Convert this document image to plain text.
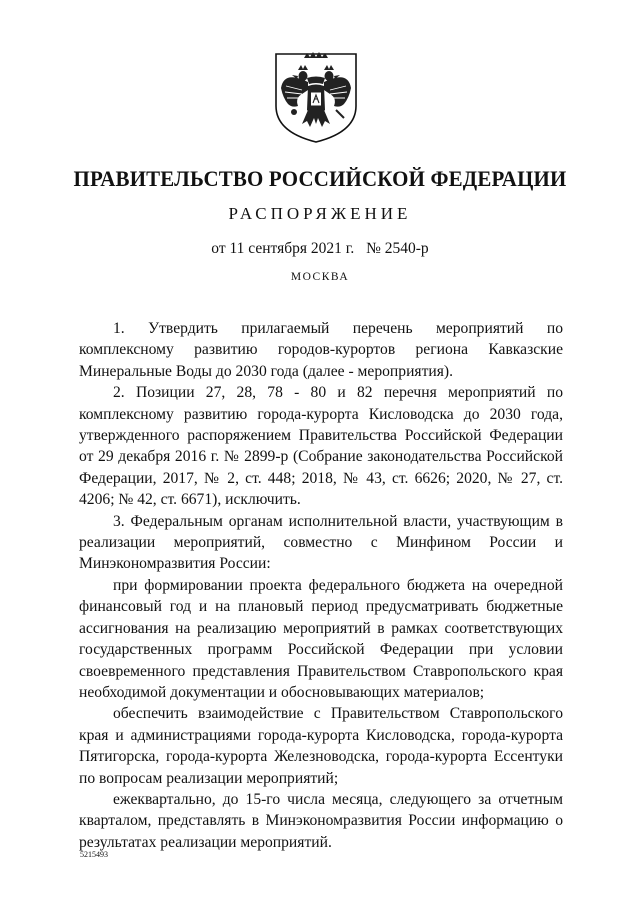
ПРАВИТЕЛЬСТВО РОССИЙСКОЙ ФЕДЕРАЦИИ
РАСПОРЯЖЕНИЕ
от 11 сентября 2021 г. № 2540-р
МОСКВА

1. Утвердить прилагаемый перечень мероприятий по комплексному развитию городов-курортов региона Кавказские Минеральные Воды до 2030 года (далее - мероприятия).

2. Позиции 27, 28, 78 - 80 и 82 перечня мероприятий по комплексному развитию города-курорта Кисловодска до 2030 года, утвержденного распоряжением Правительства Российской Федерации от 29 декабря 2016 г. № 2899-р (Собрание законодательства Российской Федерации, 2017, № 2, ст. 448; 2018, № 43, ст. 6626; 2020, № 27, ст. 4206; № 42, ст. 6671), исключить.

3. Федеральным органам исполнительной власти, участвующим в реализации мероприятий, совместно с Минфином России и Минэкономразвития России:

при формировании проекта федерального бюджета на очередной финансовый год и на плановый период предусматривать бюджетные ассигнования на реализацию мероприятий в рамках соответствующих государственных программ Российской Федерации при условии своевременного представления Правительством Ставропольского края необходимой документации и обосновывающих материалов;

обеспечить взаимодействие с Правительством Ставропольского края и администрациями города-курорта Кисловодска, города-курорта Пятигорска, города-курорта Железноводска, города-курорта Ессентуки по вопросам реализации мероприятий;

ежеквартально, до 15-го числа месяца, следующего за отчетным кварталом, представлять в Минэкономразвития России информацию о результатах реализации мероприятий.

5215493
